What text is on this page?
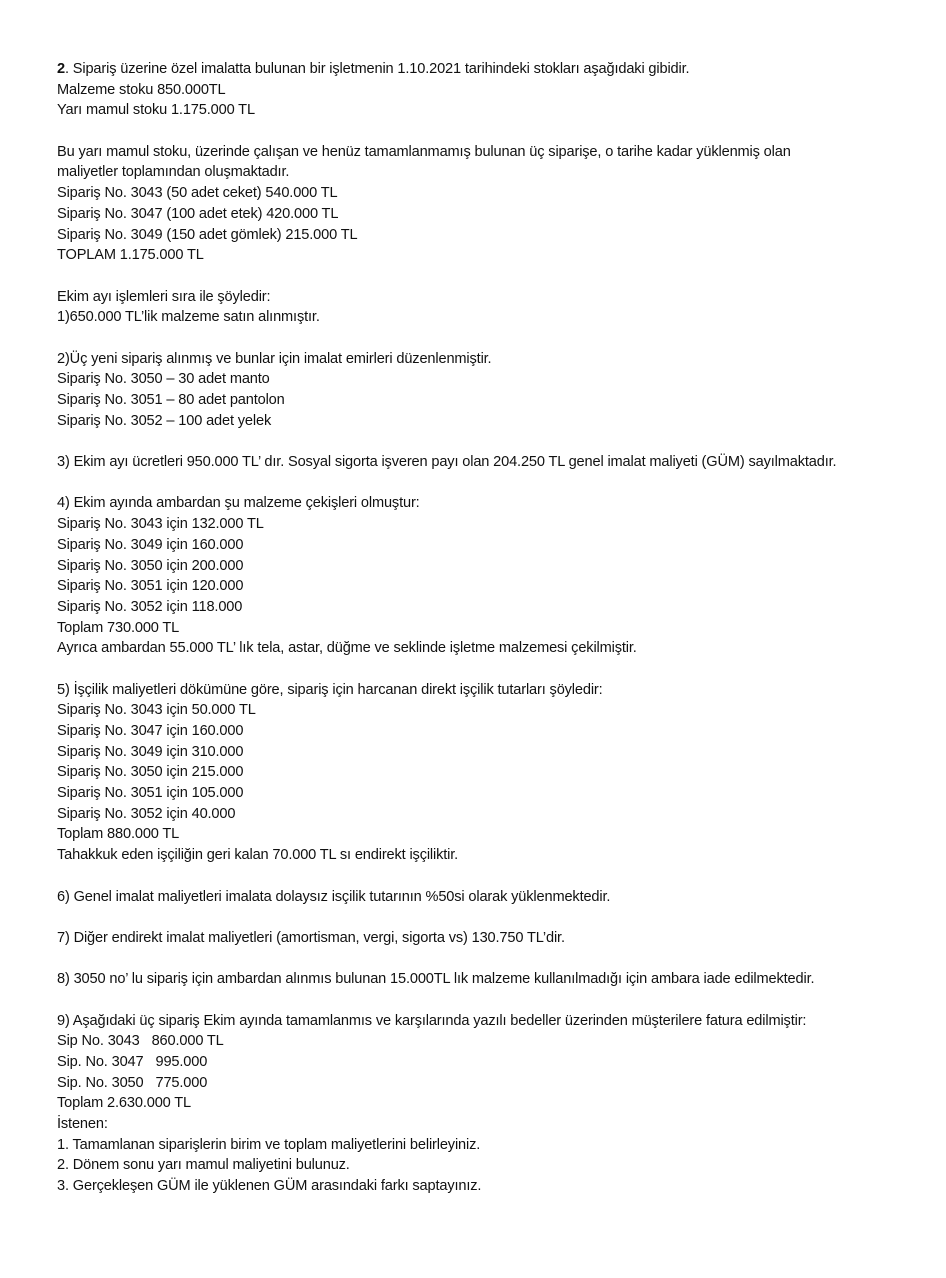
2. Sipariş üzerine özel imalatta bulunan bir işletmenin 1.10.2021 tarihindeki stokları aşağıdaki gibidir.
Malzeme stoku 850.000TL
Yarı mamul stoku 1.175.000 TL
Bu yarı mamul stoku, üzerinde çalışan ve henüz tamamlanmamış bulunan üç siparişe, o tarihe kadar yüklenmiş olan
maliyetler toplamından oluşmaktadır.
Sipariş No. 3043 (50 adet ceket) 540.000 TL
Sipariş No. 3047 (100 adet etek) 420.000 TL
Sipariş No. 3049 (150 adet gömlek) 215.000 TL
TOPLAM 1.175.000 TL
Ekim ayı işlemleri sıra ile şöyledir:
1)650.000 TL’lik malzeme satın alınmıştır.
2)Üç yeni sipariş alınmış ve bunlar için imalat emirleri düzenlenmiştir.
Sipariş No. 3050 – 30 adet manto
Sipariş No. 3051 – 80 adet pantolon
Sipariş No. 3052 – 100 adet yelek
3) Ekim ayı ücretleri 950.000 TL’ dır. Sosyal sigorta işveren payı olan 204.250 TL genel imalat maliyeti (GÜM) sayılmaktadır.
4) Ekim ayında ambardan şu malzeme çekişleri olmuştur:
Sipariş No. 3043 için 132.000 TL
Sipariş No. 3049 için 160.000
Sipariş No. 3050 için 200.000
Sipariş No. 3051 için 120.000
Sipariş No. 3052 için 118.000
Toplam 730.000 TL
Ayrıca ambardan 55.000 TL’ lık tela, astar, düğme ve seklinde işletme malzemesi çekilmiştir.
5) İşçilik maliyetleri dökümüne göre, sipariş için harcanan direkt işçilik tutarları şöyledir:
Sipariş No. 3043 için 50.000 TL
Sipariş No. 3047 için 160.000
Sipariş No. 3049 için 310.000
Sipariş No. 3050 için 215.000
Sipariş No. 3051 için 105.000
Sipariş No. 3052 için 40.000
Toplam 880.000 TL
Tahakkuk eden işçiliğin geri kalan 70.000 TL sı endirekt işçiliktir.
6) Genel imalat maliyetleri imalata dolaysız isçilik tutarının %50si olarak yüklenmektedir.
7) Diğer endirekt imalat maliyetleri (amortisman, vergi, sigorta vs) 130.750 TL’dir.
8) 3050 no’ lu sipariş için ambardan alınmıs bulunan 15.000TL lık malzeme kullanılmadığı için ambara iade edilmektedir.
9) Aşağıdaki üç sipariş Ekim ayında tamamlanmıs ve karşılarında yazılı bedeller üzerinden müşterilere fatura edilmiştir:
Sip No. 3043 860.000 TL
Sip. No. 3047 995.000
Sip. No. 3050 775.000
Toplam 2.630.000 TL
İstenen:
1. Tamamlanan siparişlerin birim ve toplam maliyetlerini belirleyiniz.
2. Dönem sonu yarı mamul maliyetini bulunuz.
3. Gerçekleşen GÜM ile yüklenen GÜM arasındaki farkı saptayınız.
